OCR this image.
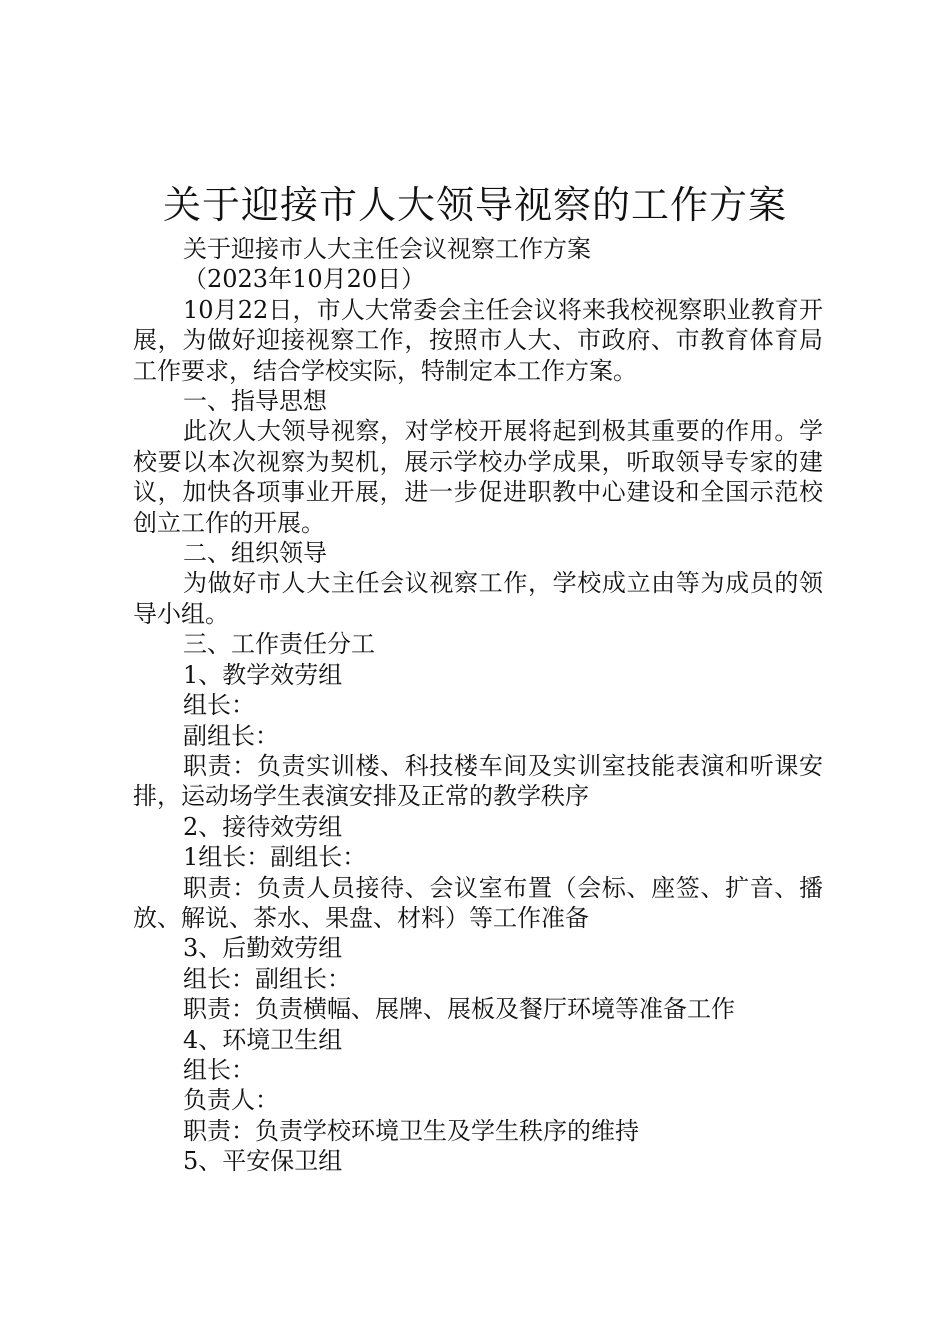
关于迎接市人大领导视察的工作方案

关于迎接市人大主任会议视察工作方案

（2023年10月20日）

10月22日，市人大常委会主任会议将来我校视察职业教育开展，为做好迎接视察工作，按照市人大、市政府、市教育体育局工作要求，结合学校实际，特制定本工作方案。

一、指导思想

此次人大领导视察，对学校开展将起到极其重要的作用。学校要以本次视察为契机，展示学校办学成果，听取领导专家的建议，加快各项事业开展，进一步促进职教中心建设和全国示范校创立工作的开展。

二、组织领导

为做好市人大主任会议视察工作，学校成立由等为成员的领导小组。

三、工作责任分工

1、教学效劳组

组长：

副组长：

职责：负责实训楼、科技楼车间及实训室技能表演和听课安排，运动场学生表演安排及正常的教学秩序

2、接待效劳组

1组长：副组长：

职责：负责人员接待、会议室布置（会标、座签、扩音、播放、解说、茶水、果盘、材料）等工作准备

3、后勤效劳组

组长：副组长：

职责：负责横幅、展牌、展板及餐厅环境等准备工作

4、环境卫生组

组长：

负责人：

职责：负责学校环境卫生及学生秩序的维持

5、平安保卫组
